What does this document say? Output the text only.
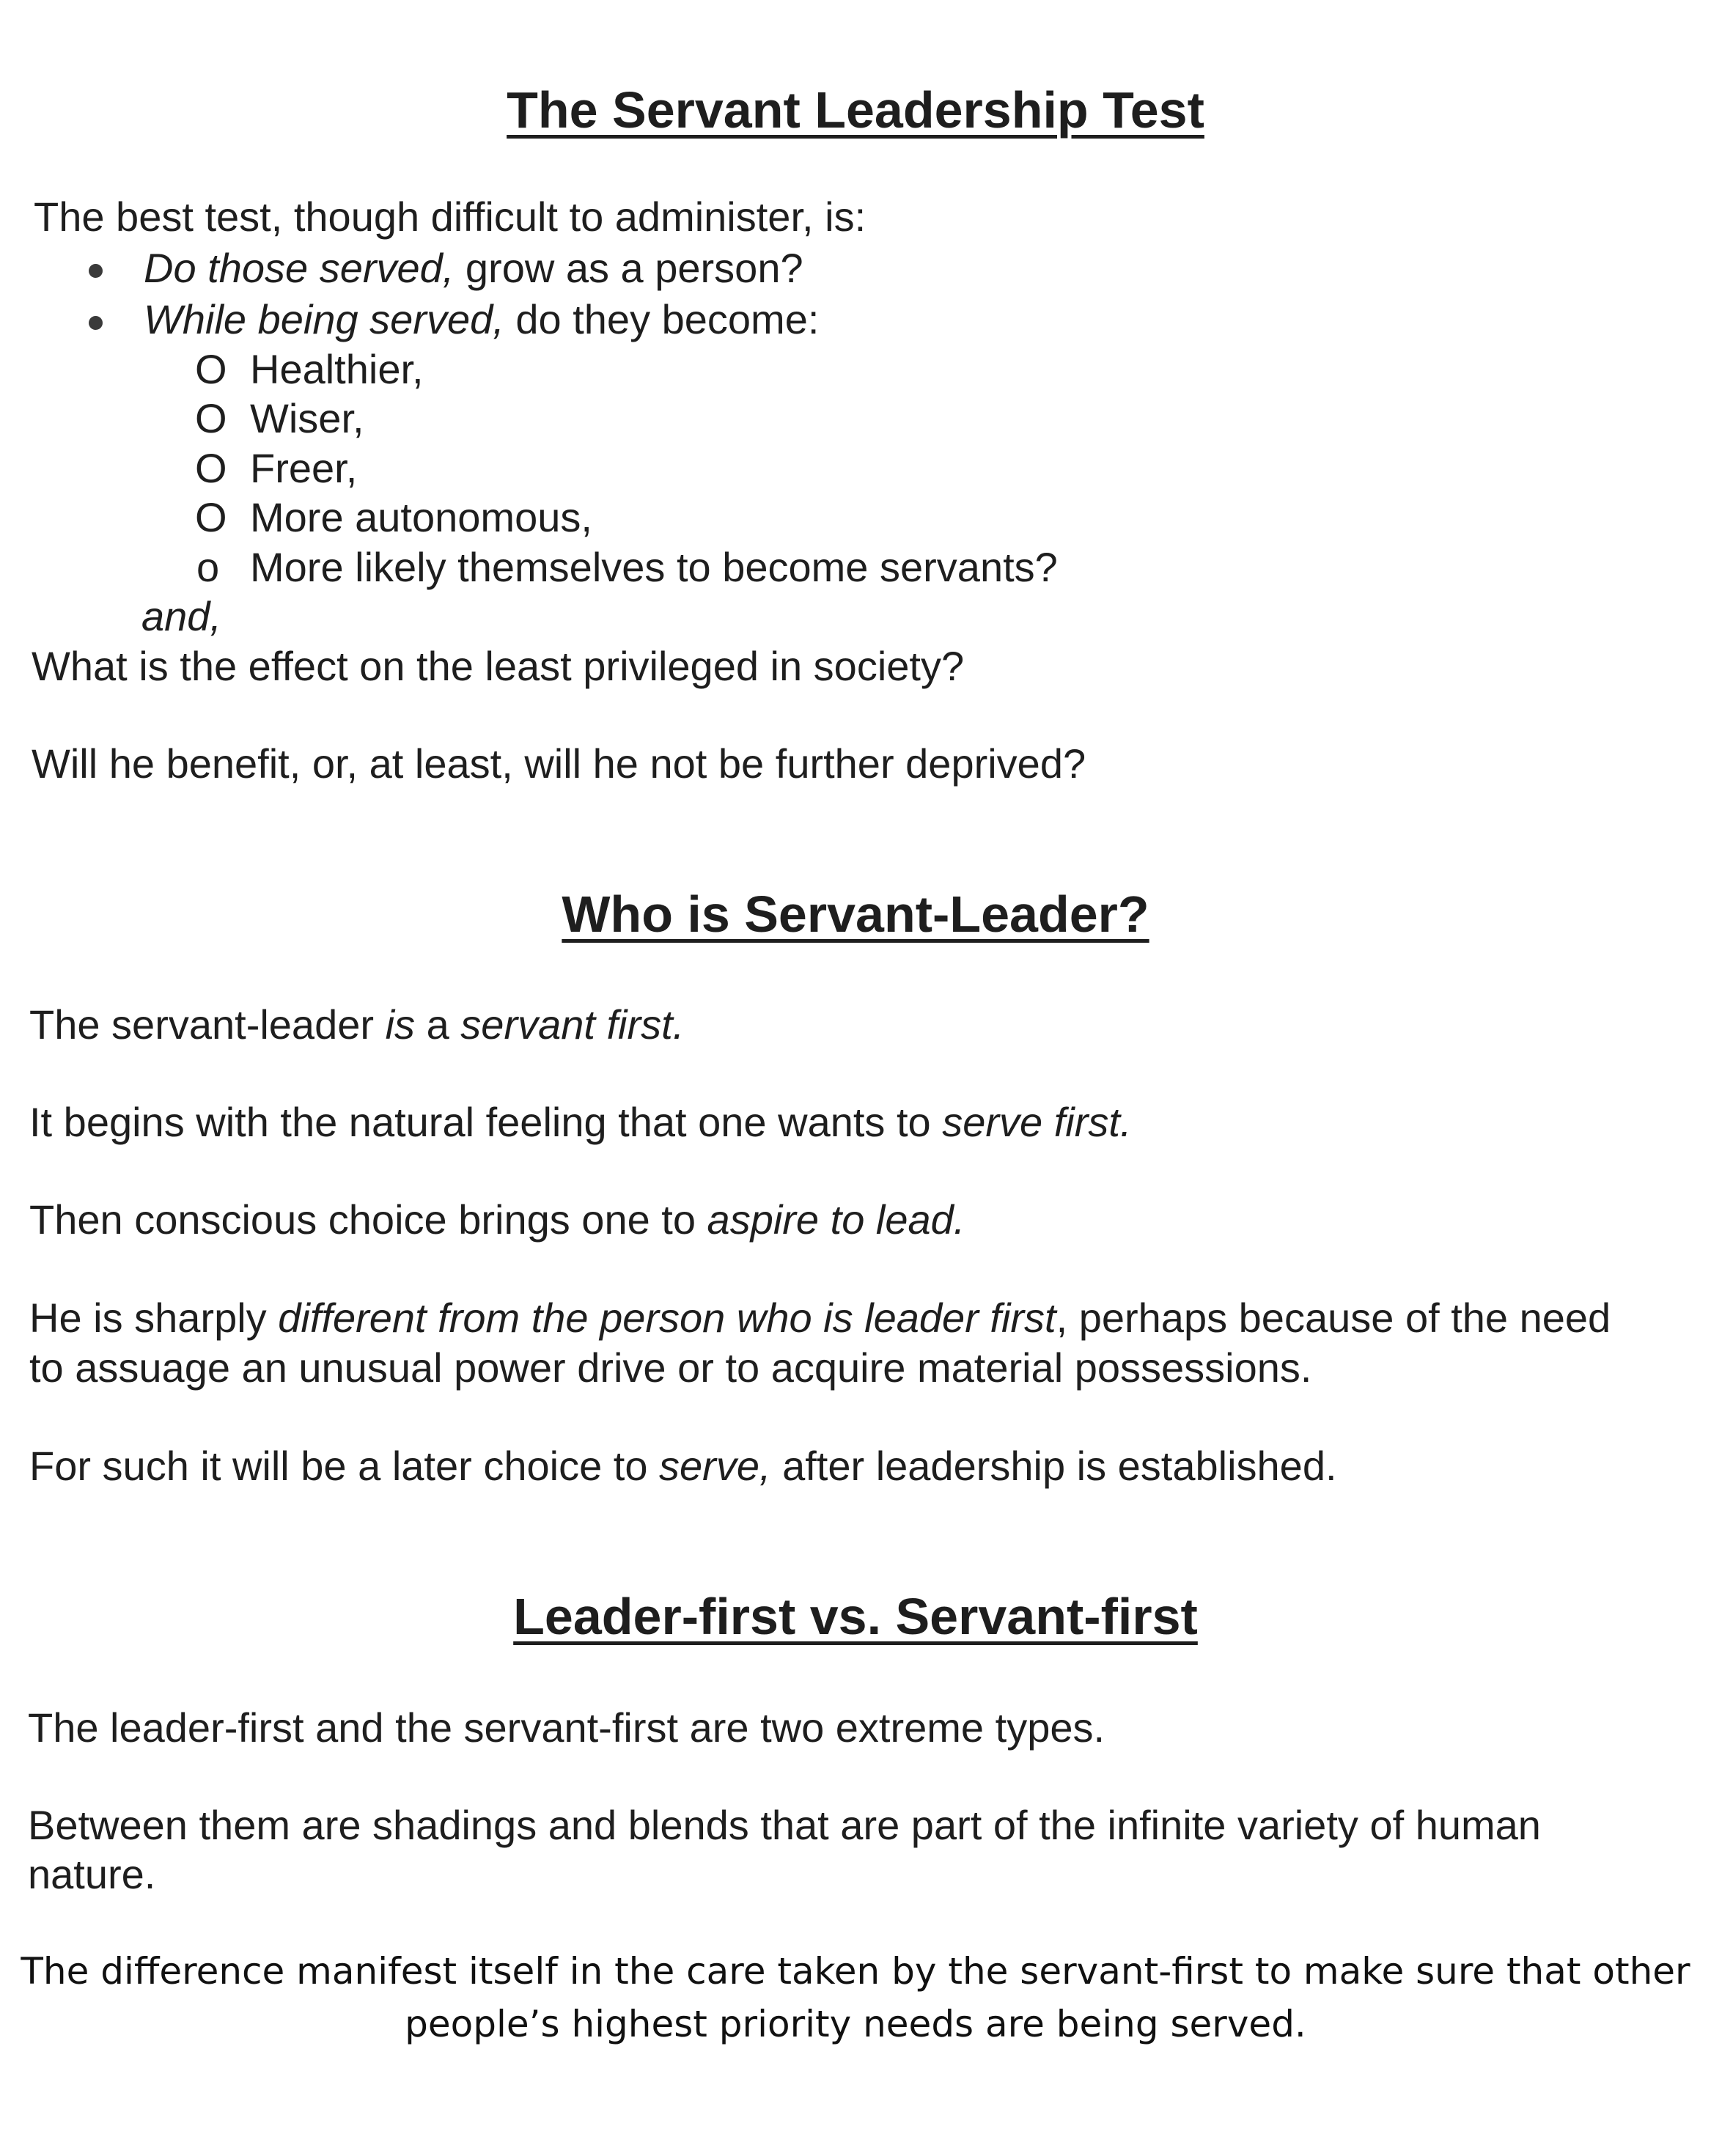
The Servant Leadership Test

The best test, though difficult to administer, is:

Do those served, grow as a person?

While being served, do they become:

O Healthier,

O Wiser,

O Freer,

O More autonomous,

o More likely themselves to become servants?

and,

What is the effect on the least privileged in society?

Will he benefit, or, at least, will he not be further deprived?

Who is Servant-Leader?

The servant-leader is a servant first.

It begins with the natural feeling that one wants to serve first.

Then conscious choice brings one to aspire to lead.

He is sharply different from the person who is leader first, perhaps because of the need

to assuage an unusual power drive or to acquire material possessions.

For such it will be a later choice to serve, after leadership is established.

Leader-first vs. Servant-first

The leader-first and the servant-first are two extreme types.

Between them are shadings and blends that are part of the infinite variety of human

nature.

The difference manifest itself in the care taken by the servant-first to make sure that other

people’s highest priority needs are being served.
